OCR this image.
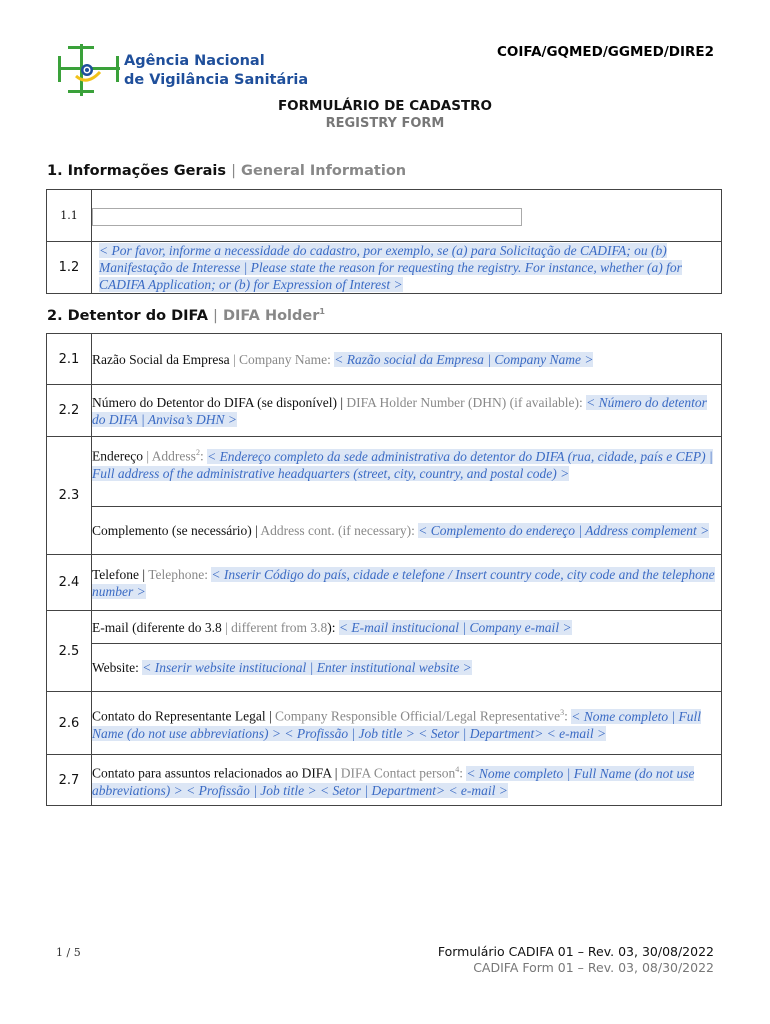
Agência Nacional
de Vigilância Sanitária
COIFA/GQMED/GGMED/DIRE2
FORMULÁRIO DE CADASTRO
REGISTRY FORM
1. Informações Gerais | General Information
1.1	
1.2	< Por favor, informe a necessidade do cadastro, por exemplo, se (a) para Solicitação de CADIFA; ou (b) Manifestação de Interesse | Please state the reason for requesting the registry. For instance, whether (a) for CADIFA Application; or (b) for Expression of Interest >
2. Detentor do DIFA | DIFA Holder$^1$
2.1	Razão Social da Empresa | Company Name: < Razão social da Empresa | Company Name >
2.2	Número do Detentor do DIFA (se disponível) | DIFA Holder Number (DHN) (if available): < Número do detentor do DIFA | Anvisa’s DHN >
2.3	Endereço | Address$^2$: < Endereço completo da sede administrativa do detentor do DIFA (rua, cidade, país e CEP) | Full address of the administrative headquarters (street, city, country, and postal code) >
	Complemento (se necessário) | Address cont. (if necessary): < Complemento do endereço | Address complement >
2.4	Telefone | Telephone: < Inserir Código do país, cidade e telefone / Insert country code, city code and the telephone number >
2.5	E-mail (diferente do 3.8 | different from 3.8): < E-mail institucional | Company e-mail >
	Website: < Inserir website institucional | Enter institutional website >
2.6	Contato do Representante Legal | Company Responsible Official/Legal Representative$^3$: < Nome completo | Full Name (do not use abbreviations) > < Profissão | Job title > < Setor | Department> < e-mail >
2.7	Contato para assuntos relacionados ao DIFA | DIFA Contact person$^4$: < Nome completo | Full Name (do not use abbreviations) > < Profissão | Job title > < Setor | Department> < e-mail >
1 / 5	Formulário CADIFA 01 – Rev. 03, 30/08/2022
CADIFA Form 01 – Rev. 03, 08/30/2022
